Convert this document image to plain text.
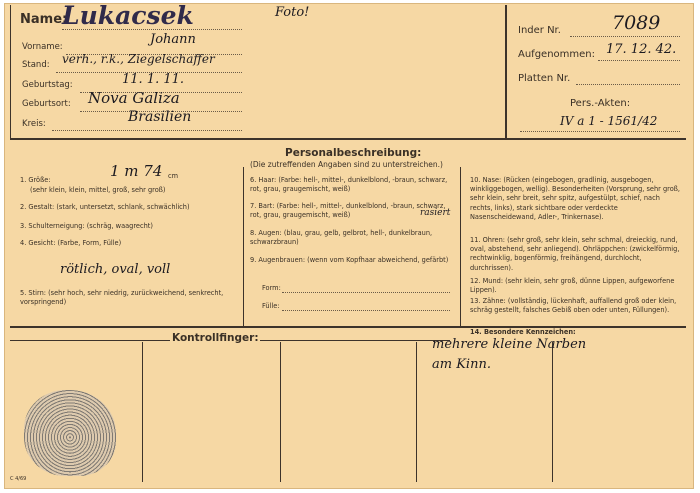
Name:
Lukacsek
Vorname:	Johann
Stand: verh., r.k., Ziegelschaffer
Geburtstag:	11. 1. 11.
Geburtsort: Nova Galiza
Kreis:	Brasilien
Foto!
Inder Nr.	7089
Aufgenommen: 17. 12. 42.
Platten Nr.
Pers.-Akten:
IV a 1 - 1561/42
Personalbeschreibung:
(Die zutreffenden Angaben sind zu unterstreichen.)
1. Größe:	1 m 74 cm
(sehr klein, klein, mittel, groß, sehr groß)
2. Gestalt: (stark, untersetzt, schlank, schwächlich)
3. Schulterneigung: (schräg, waagrecht)
4. Gesicht: (Farbe, Form, Fülle)
rötlich, oval, voll
5. Stirn: (sehr hoch, sehr niedrig, zurückweichend, senkrecht, vorspringend)
6. Haar: (Farbe: hell-, mittel-, dunkelblond, -braun, schwarz, rot, grau, graugemischt, weiß)
7. Bart: (Farbe: hell-, mittel-, dunkelblond, -braun, schwarz, rot, grau, graugemischt, weiß)	rasiert
8. Augen: (blau, grau, gelb, gelbrot, hell-, dunkelbraun, schwarzbraun)
9. Augenbrauen: (wenn vom Kopfhaar abweichend, gefärbt)
Form:
Fülle:
10. Nase: (Rücken (eingebogen, gradlinig, ausgebogen, winkliggebogen, wellig). Besonderheiten (Vorsprung, sehr groß, sehr klein, sehr breit, sehr spitz, aufgestülpt, schief, nach rechts, links), stark sichtbare oder verdeckte Nasenscheidewand, Adler-, Trinkernase).
11. Ohren: (sehr groß, sehr klein, sehr schmal, dreieckig, rund, oval, abstehend, sehr anliegend). Ohrläppchen: (zwickelförmig, rechtwinklig, bogenförmig, freihängend, durchlocht, durchrissen).
12. Mund: (sehr klein, sehr groß, dünne Lippen, aufgeworfene Lippen).
13. Zähne: (vollständig, lückenhaft, auffallend groß oder klein, schräg gestellt, falsches Gebiß oben oder unten, Füllungen).
14. Besondere Kennzeichen:
mehrere kleine Narben
am Kinn.
Kontrollfinger:
C 4/69
